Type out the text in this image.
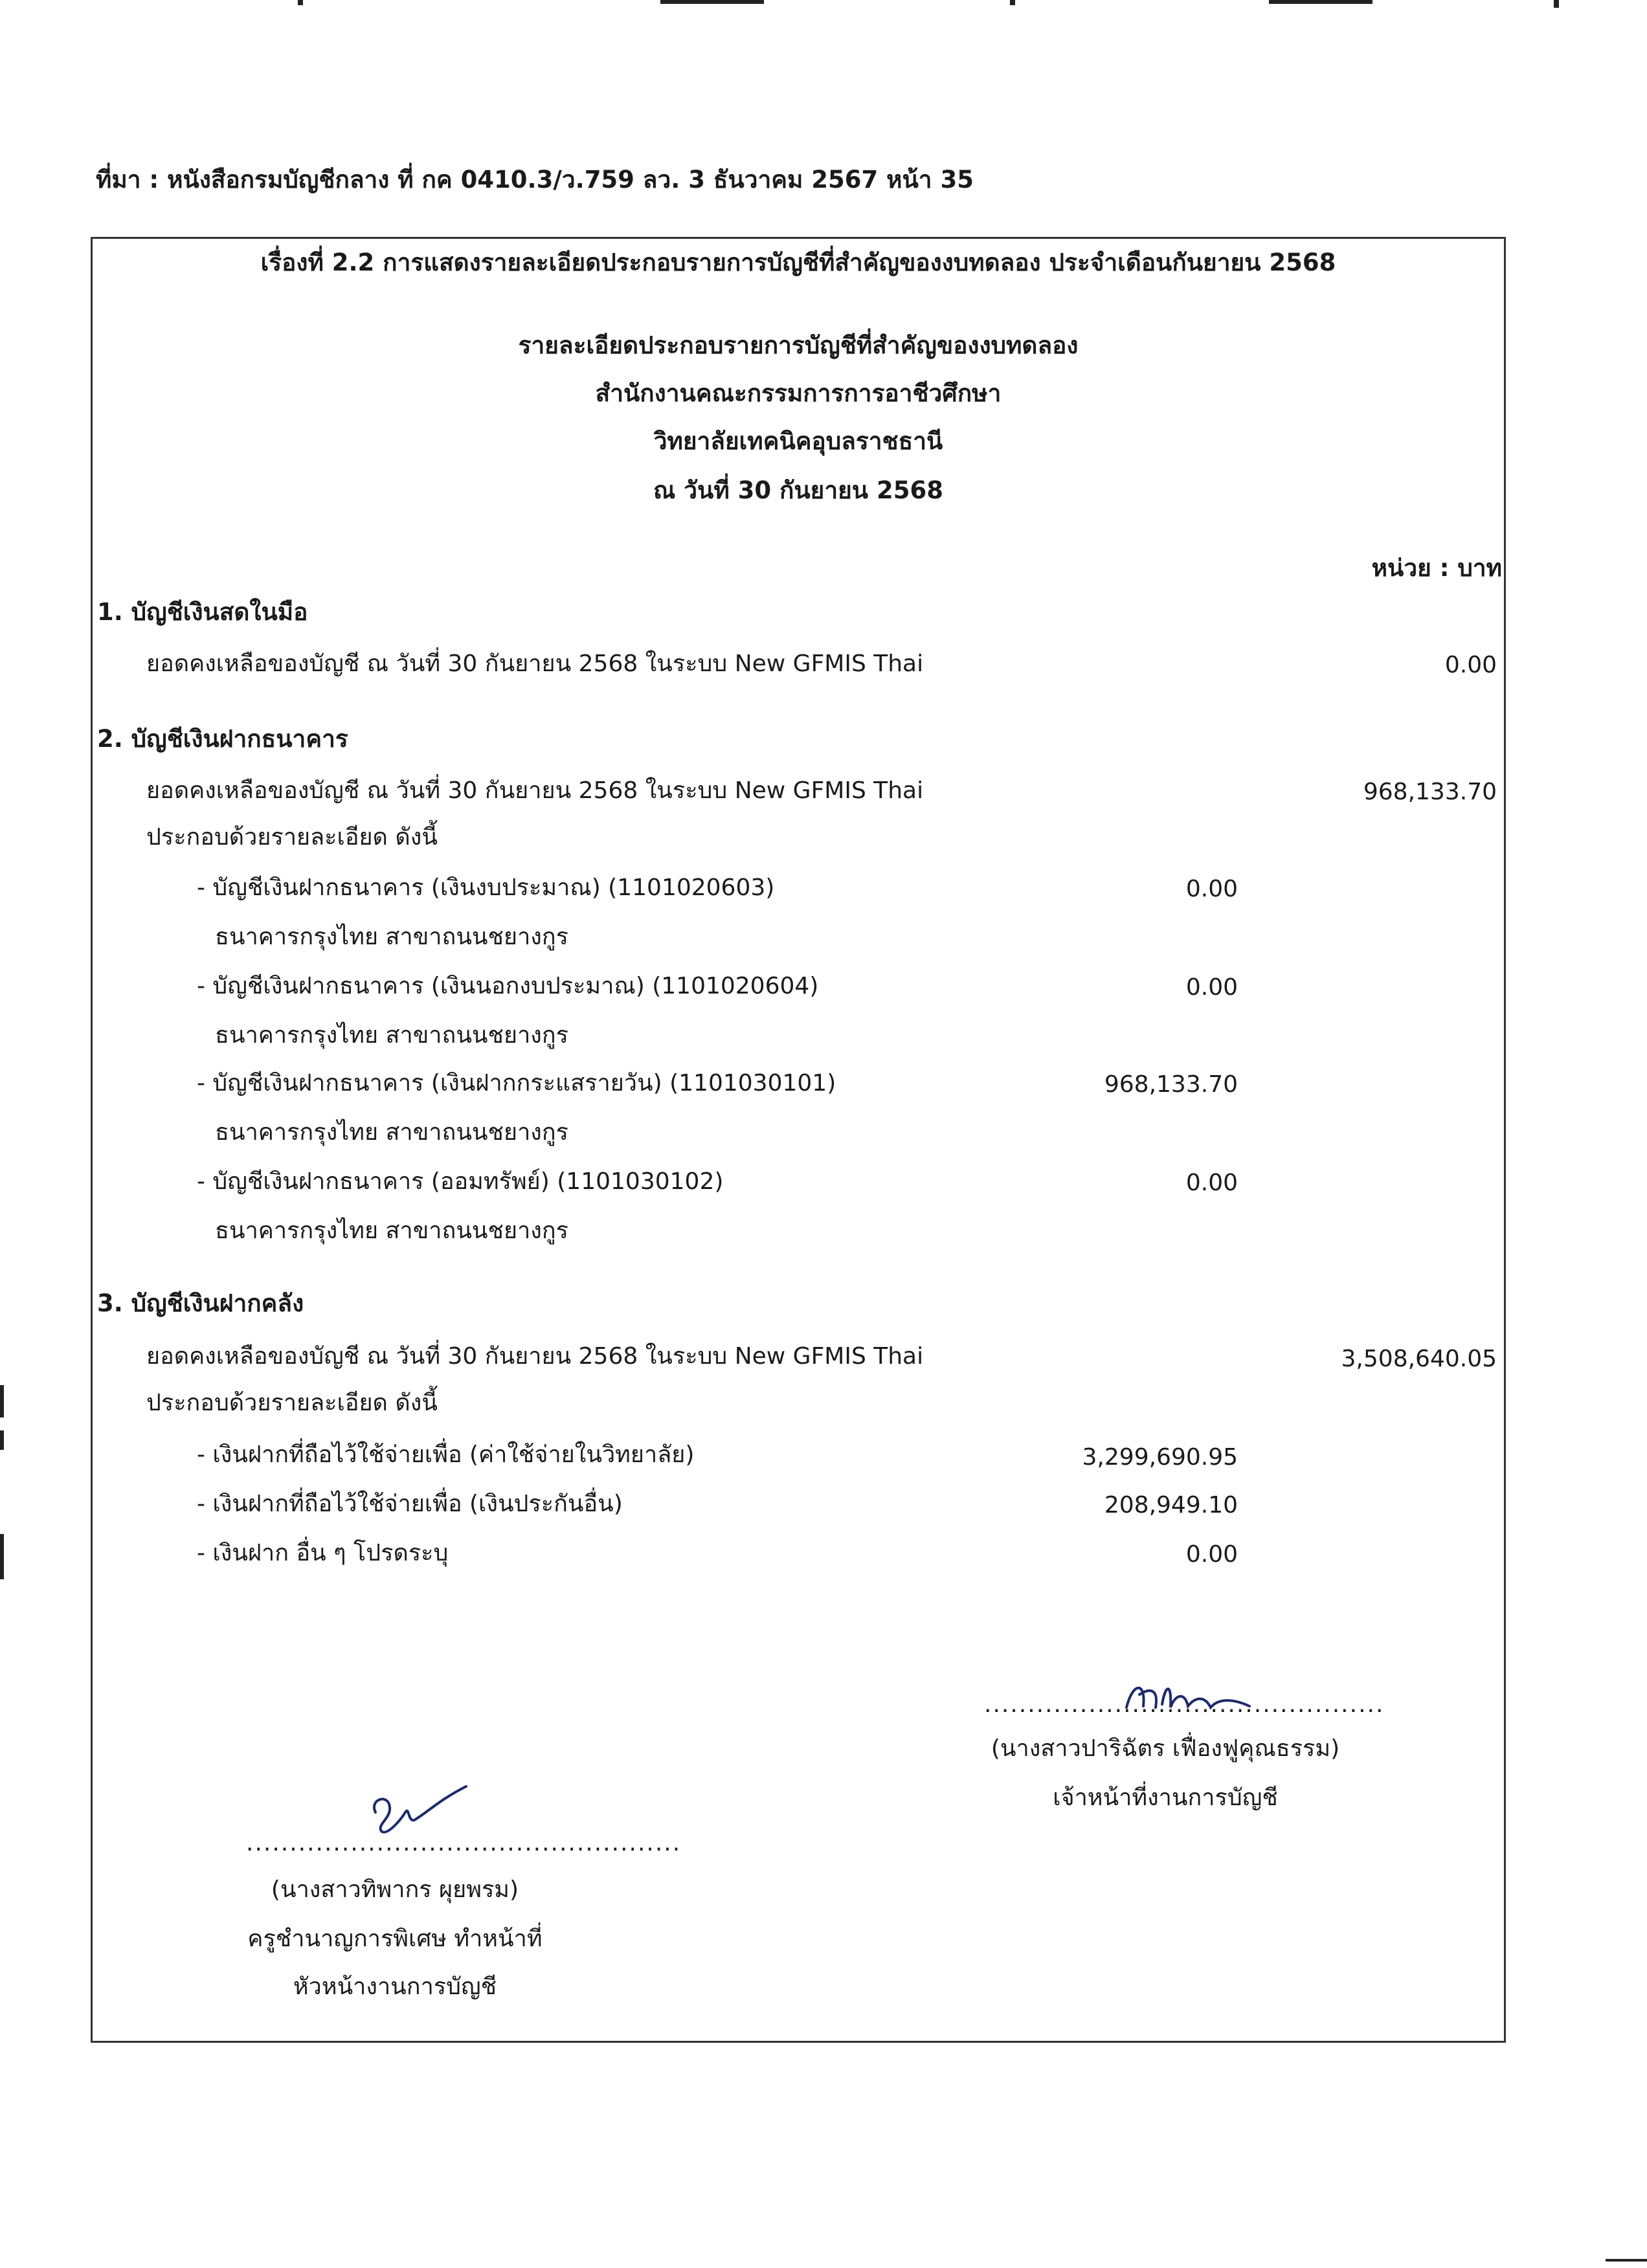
ที่มา : หนังสือกรมบัญชีกลาง ที่ กค 0410.3/ว.759 ลว. 3 ธันวาคม 2567 หน้า 35
เรื่องที่ 2.2 การแสดงรายละเอียดประกอบรายการบัญชีที่สำคัญของงบทดลอง ประจำเดือนกันยายน 2568
รายละเอียดประกอบรายการบัญชีที่สำคัญของงบทดลอง
สำนักงานคณะกรรมการการอาชีวศึกษา
วิทยาลัยเทคนิคอุบลราชธานี
ณ วันที่ 30 กันยายน 2568
หน่วย : บาท
1. บัญชีเงินสดในมือ
ยอดคงเหลือของบัญชี ณ วันที่ 30 กันยายน 2568 ในระบบ New GFMIS Thai	0.00
2. บัญชีเงินฝากธนาคาร
ยอดคงเหลือของบัญชี ณ วันที่ 30 กันยายน 2568 ในระบบ New GFMIS Thai	968,133.70
ประกอบด้วยรายละเอียด ดังนี้
- บัญชีเงินฝากธนาคาร (เงินงบประมาณ) (1101020603)	0.00
ธนาคารกรุงไทย สาขาถนนชยางกูร
- บัญชีเงินฝากธนาคาร (เงินนอกงบประมาณ) (1101020604)	0.00
ธนาคารกรุงไทย สาขาถนนชยางกูร
- บัญชีเงินฝากธนาคาร (เงินฝากกระแสรายวัน) (1101030101)	968,133.70
ธนาคารกรุงไทย สาขาถนนชยางกูร
- บัญชีเงินฝากธนาคาร (ออมทรัพย์) (1101030102)	0.00
ธนาคารกรุงไทย สาขาถนนชยางกูร
3. บัญชีเงินฝากคลัง
ยอดคงเหลือของบัญชี ณ วันที่ 30 กันยายน 2568 ในระบบ New GFMIS Thai	3,508,640.05
ประกอบด้วยรายละเอียด ดังนี้
- เงินฝากที่ถือไว้ใช้จ่ายเพื่อ (ค่าใช้จ่ายในวิทยาลัย)	3,299,690.95
- เงินฝากที่ถือไว้ใช้จ่ายเพื่อ (เงินประกันอื่น)	208,949.10
- เงินฝาก อื่น ๆ โปรดระบุ	0.00
..............................................
(นางสาวปาริฉัตร เฟื่องฟูคุณธรรม)
เจ้าหน้าที่งานการบัญชี
..................................................
(นางสาวทิพากร ผุยพรม)
ครูชำนาญการพิเศษ ทำหน้าที่
หัวหน้างานการบัญชี
